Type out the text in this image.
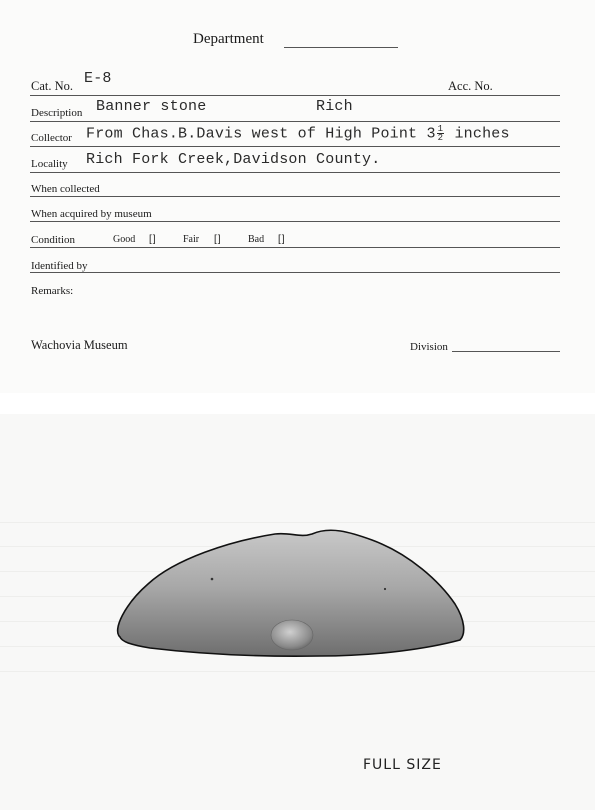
Department
Cat. No. E-8	Acc. No.
Description Banner stone	Rich
Collector From Chas.B.Davis west of High Point $3 \frac{1}{2}$ inches
Locality Rich Fork Creek,Davidson County.
When collected
When acquired by museum
Condition	Good []	Fair []	Bad []
Identified by
Remarks:
Wachovia Museum	Division
FULL SIZE
